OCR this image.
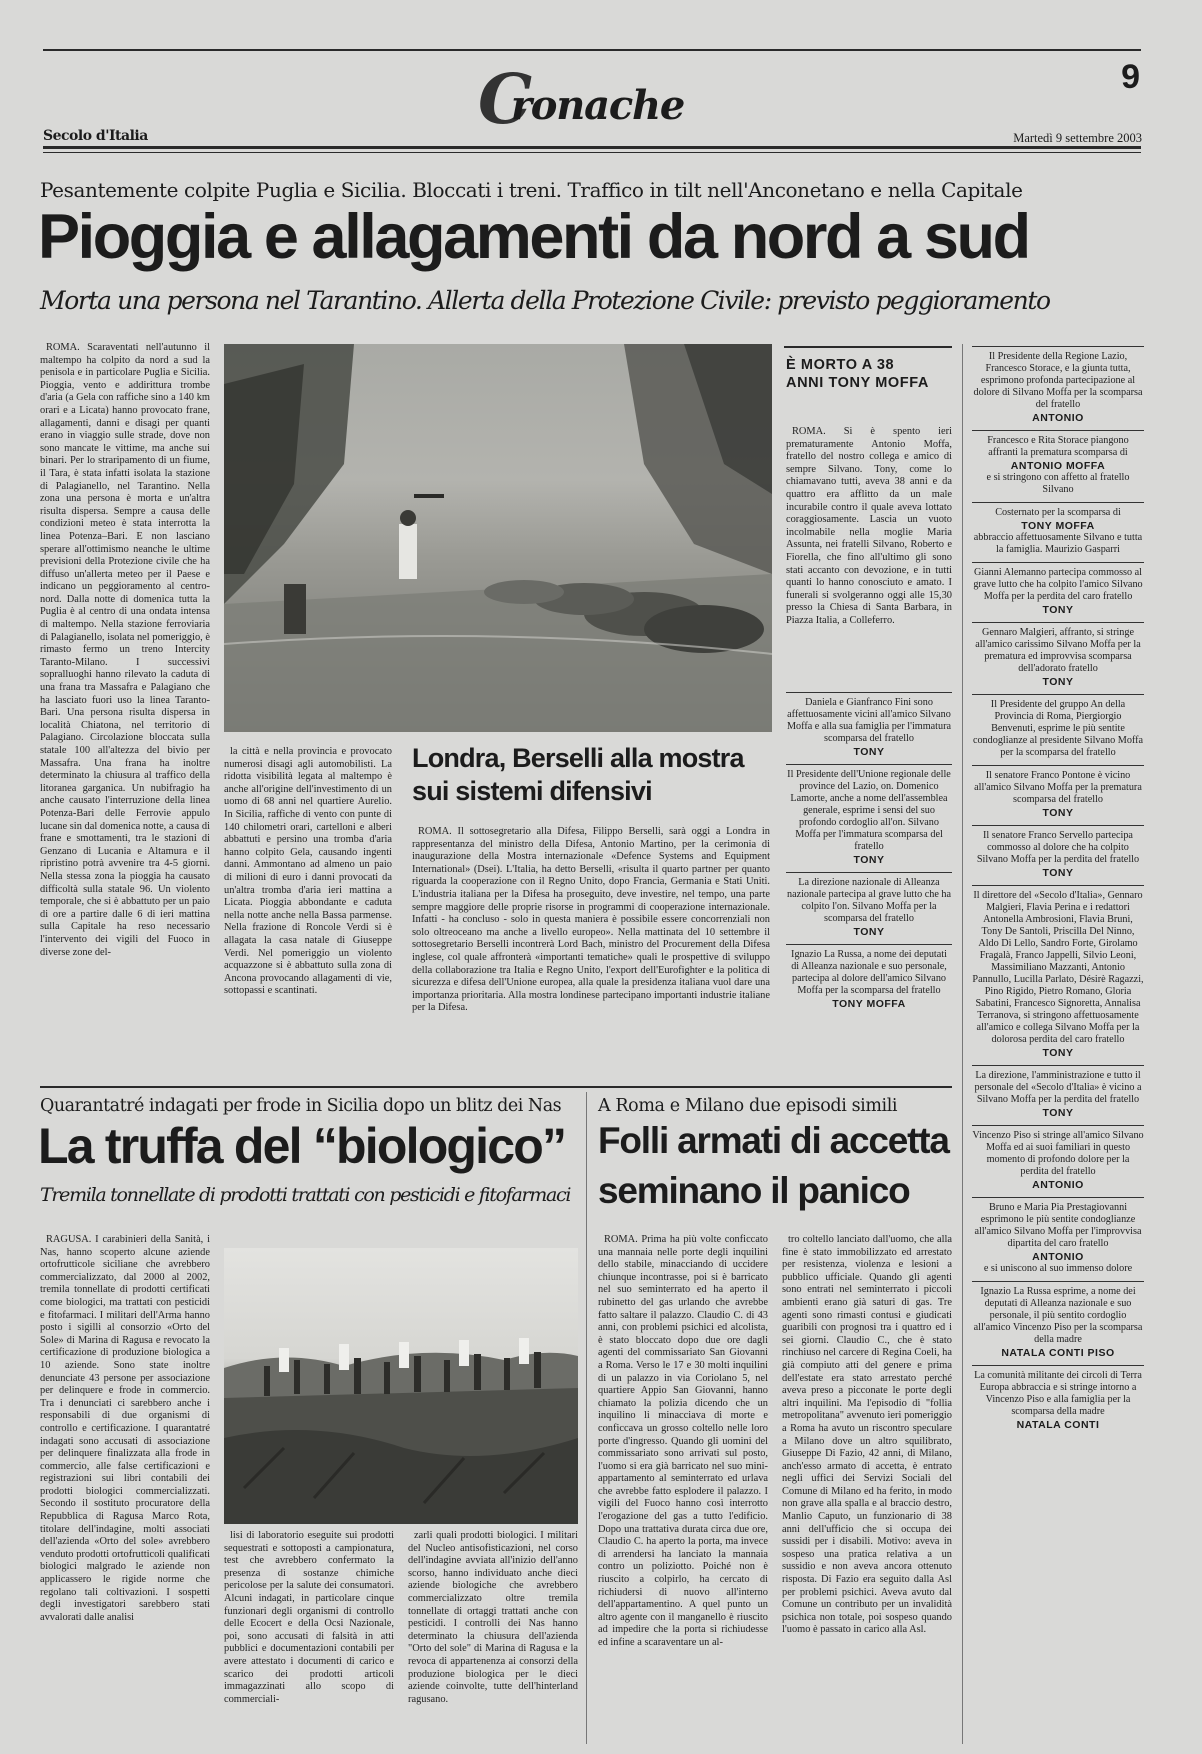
C
ronache
9
Secolo d'Italia	Martedì 9 settembre 2003
Pesantemente colpite Puglia e Sicilia. Bloccati i treni. Traffico in tilt nell'Anconetano e nella Capitale
Pioggia e allagamenti da nord a sud
Morta una persona nel Tarantino. Allerta della Protezione Civile: previsto peggioramento

ROMA. Scaraventati nell'autunno il maltempo ha colpito da nord a sud la penisola e in particolare Puglia e Sicilia. Pioggia, vento e addirittura trombe d'aria (a Gela con raffiche sino a 140 km orari e a Licata) hanno provocato frane, allagamenti, danni e disagi per quanti erano in viaggio sulle strade, dove non sono mancate le vittime, ma anche sui binari. Per lo straripamento di un fiume, il Tara, è stata infatti isolata la stazione di Palagianello, nel Tarantino. Nella zona una persona è morta e un'altra risulta dispersa. Sempre a causa delle condizioni meteo è stata interrotta la linea Potenza–Bari. E non lasciano sperare all'ottimismo neanche le ultime previsioni della Protezione civile che ha diffuso un'allerta meteo per il Paese e indicano un peggioramento al centro-nord. Dalla notte di domenica tutta la Puglia è al centro di una ondata intensa di maltempo. Nella stazione ferroviaria di Palagianello, isolata nel pomeriggio, è rimasto fermo un treno Intercity Taranto-Milano. I successivi sopralluoghi hanno rilevato la caduta di una frana tra Massafra e Palagiano che ha lasciato fuori uso la linea Taranto-Bari. Una persona risulta dispersa in località Chiatona, nel territorio di Palagiano. Circolazione bloccata sulla statale 100 all'altezza del bivio per Massafra. Una frana ha inoltre determinato la chiusura al traffico della litoranea garganica. Un nubifragio ha anche causato l'interruzione della linea Potenza-Bari delle Ferrovie appulo lucane sin dal domenica notte, a causa di frane e smottamenti, tra le stazioni di Genzano di Lucania e Altamura e il ripristino potrà avvenire tra 4-5 giorni. Nella stessa zona la pioggia ha causato difficoltà sulla statale 96. Un violento temporale, che si è abbattuto per un paio di ore a partire dalle 6 di ieri mattina sulla Capitale ha reso necessario l'intervento dei vigili del Fuoco in diverse zone del-

la città e nella provincia e provocato numerosi disagi agli automobilisti. La ridotta visibilità legata al maltempo è anche all'origine dell'investimento di un uomo di 68 anni nel quartiere Aurelio. In Sicilia, raffiche di vento con punte di 140 chilometri orari, cartelloni e alberi abbattuti e persino una tromba d'aria hanno colpito Gela, causando ingenti danni. Ammontano ad almeno un paio di milioni di euro i danni provocati da un'altra tromba d'aria ieri mattina a Licata. Pioggia abbondante e caduta nella notte anche nella Bassa parmense. Nella frazione di Roncole Verdi si è allagata la casa natale di Giuseppe Verdi. Nel pomeriggio un violento acquazzone si è abbattuto sulla zona di Ancona provocando allagamenti di vie, sottopassi e scantinati.

Londra, Berselli alla mostra sui sistemi difensivi

ROMA. Il sottosegretario alla Difesa, Filippo Berselli, sarà oggi a Londra in rappresentanza del ministro della Difesa, Antonio Martino, per la cerimonia di inaugurazione della Mostra internazionale «Defence Systems and Equipment International» (Dsei). L'Italia, ha detto Berselli, «risulta il quarto partner per quanto riguarda la cooperazione con il Regno Unito, dopo Francia, Germania e Stati Uniti. L'industria italiana per la Difesa ha proseguito, deve investire, nel tempo, una parte sempre maggiore delle proprie risorse in programmi di cooperazione internazionale. Infatti - ha concluso - solo in questa maniera è possibile essere concorrenziali non solo oltreoceano ma anche a livello europeo». Nella mattinata del 10 settembre il sottosegretario Berselli incontrerà Lord Bach, ministro del Procurement della Difesa inglese, col quale affronterà «importanti tematiche» quali le prospettive di sviluppo della collaborazione tra Italia e Regno Unito, l'export dell'Eurofighter e la politica di sicurezza e difesa dell'Unione europea, alla quale la presidenza italiana vuol dare una importanza prioritaria. Alla mostra londinese partecipano importanti industrie italiane per la Difesa.

È MORTO A 38 ANNI TONY MOFFA

ROMA. Si è spento ieri prematuramente Antonio Moffa, fratello del nostro collega e amico di sempre Silvano. Tony, come lo chiamavano tutti, aveva 38 anni e da quattro era afflitto da un male incurabile contro il quale aveva lottato coraggiosamente. Lascia un vuoto incolmabile nella moglie Maria Assunta, nei fratelli Silvano, Roberto e Fiorella, che fino all'ultimo gli sono stati accanto con devozione, e in tutti quanti lo hanno conosciuto e amato. I funerali si svolgeranno oggi alle 15,30 presso la Chiesa di Santa Barbara, in Piazza Italia, a Colleferro.

Daniela e Gianfranco Fini sono affettuosamente vicini all'amico Silvano Moffa e alla sua famiglia per l'immatura scomparsa del fratello
TONY
Il Presidente dell'Unione regionale delle province del Lazio, on. Domenico Lamorte, anche a nome dell'assemblea generale, esprime i sensi del suo profondo cordoglio all'on. Silvano Moffa per l'immatura scomparsa del fratello
TONY
La direzione nazionale di Alleanza nazionale partecipa al grave lutto che ha colpito l'on. Silvano Moffa per la scomparsa del fratello
TONY
Ignazio La Russa, a nome dei deputati di Alleanza nazionale e suo personale, partecipa al dolore dell'amico Silvano Moffa per la scomparsa del fratello
TONY MOFFA
Il Presidente della Regione Lazio, Francesco Storace, e la giunta tutta, esprimono profonda partecipazione al dolore di Silvano Moffa per la scomparsa del fratello
ANTONIO
Francesco e Rita Storace piangono affranti la prematura scomparsa di
ANTONIO MOFFA
e si stringono con affetto al fratello Silvano
Costernato per la scomparsa di
TONY MOFFA
abbraccio affettuosamente Silvano e tutta la famiglia. Maurizio Gasparri
Gianni Alemanno partecipa commosso al grave lutto che ha colpito l'amico Silvano Moffa per la perdita del caro fratello
TONY
Gennaro Malgieri, affranto, si stringe all'amico carissimo Silvano Moffa per la prematura ed improvvisa scomparsa dell'adorato fratello
TONY
Il Presidente del gruppo An della Provincia di Roma, Piergiorgio Benvenuti, esprime le più sentite condoglianze al presidente Silvano Moffa per la scomparsa del fratello
Il senatore Franco Pontone è vicino all'amico Silvano Moffa per la prematura scomparsa del fratello
TONY
Il senatore Franco Servello partecipa commosso al dolore che ha colpito Silvano Moffa per la perdita del fratello
TONY
Il direttore del «Secolo d'Italia», Gennaro Malgieri, Flavia Perina e i redattori Antonella Ambrosioni, Flavia Bruni, Tony De Santoli, Priscilla Del Ninno, Aldo Di Lello, Sandro Forte, Girolamo Fragalà, Franco Jappelli, Silvio Leoni, Massimiliano Mazzanti, Antonio Pannullo, Lucilla Parlato, Désirè Ragazzi, Pino Rigido, Pietro Romano, Gloria Sabatini, Francesco Signoretta, Annalisa Terranova, si stringono affettuosamente all'amico e collega Silvano Moffa per la dolorosa perdita del caro fratello
TONY
La direzione, l'amministrazione e tutto il personale del «Secolo d'Italia» è vicino a Silvano Moffa per la perdita del fratello
TONY
Vincenzo Piso si stringe all'amico Silvano Moffa ed ai suoi familiari in questo momento di profondo dolore per la perdita del fratello
ANTONIO
Bruno e Maria Pia Prestagiovanni esprimono le più sentite condoglianze all'amico Silvano Moffa per l'improvvisa dipartita del caro fratello
ANTONIO
e si uniscono al suo immenso dolore
Ignazio La Russa esprime, a nome dei deputati di Alleanza nazionale e suo personale, il più sentito cordoglio all'amico Vincenzo Piso per la scomparsa della madre
NATALA CONTI PISO
La comunità militante dei circoli di Terra Europa abbraccia e si stringe intorno a Vincenzo Piso e alla famiglia per la scomparsa della madre
NATALA CONTI
Quarantatré indagati per frode in Sicilia dopo un blitz dei Nas
La truffa del “biologico”
Tremila tonnellate di prodotti trattati con pesticidi e fitofarmaci

RAGUSA. I carabinieri della Sanità, i Nas, hanno scoperto alcune aziende ortofrutticole siciliane che avrebbero commercializzato, dal 2000 al 2002, tremila tonnellate di prodotti certificati come biologici, ma trattati con pesticidi e fitofarmaci. I militari dell'Arma hanno posto i sigilli al consorzio «Orto del Sole» di Marina di Ragusa e revocato la certificazione di produzione biologica a 10 aziende. Sono state inoltre denunciate 43 persone per associazione per delinquere e frode in commercio. Tra i denunciati ci sarebbero anche i responsabili di due organismi di controllo e certificazione. I quarantatré indagati sono accusati di associazione per delinquere finalizzata alla frode in commercio, alle false certificazioni e registrazioni sui libri contabili dei prodotti biologici commercializzati. Secondo il sostituto procuratore della Repubblica di Ragusa Marco Rota, titolare dell'indagine, molti associati dell'azienda «Orto del sole» avrebbero venduto prodotti ortofrutticoli qualificati biologici malgrado le aziende non applicassero le rigide norme che regolano tali coltivazioni. I sospetti degli investigatori sarebbero stati avvalorati dalle analisi

lisi di laboratorio eseguite sui prodotti sequestrati e sottoposti a campionatura, test che avrebbero confermato la presenza di sostanze chimiche pericolose per la salute dei consumatori. Alcuni indagati, in particolare cinque funzionari degli organismi di controllo delle Ecocert e della Ocsi Nazionale, poi, sono accusati di falsità in atti pubblici e documentazioni contabili per avere attestato i documenti di carico e scarico dei prodotti articoli immagazzinati allo scopo di commerciali-

zarli quali prodotti biologici. I militari del Nucleo antisofisticazioni, nel corso dell'indagine avviata all'inizio dell'anno scorso, hanno individuato anche dieci aziende biologiche che avrebbero commercializzato oltre tremila tonnellate di ortaggi trattati anche con pesticidi. I controlli dei Nas hanno determinato la chiusura dell'azienda "Orto del sole" di Marina di Ragusa e la revoca di appartenenza ai consorzi della produzione biologica per le dieci aziende coinvolte, tutte dell'hinterland ragusano.

A Roma e Milano due episodi simili
Folli armati di accetta seminano il panico

ROMA. Prima ha più volte conficcato una mannaia nelle porte degli inquilini dello stabile, minacciando di uccidere chiunque incontrasse, poi si è barricato nel suo seminterrato ed ha aperto il rubinetto del gas urlando che avrebbe fatto saltare il palazzo. Claudio C. di 43 anni, con problemi psichici ed alcolista, è stato bloccato dopo due ore dagli agenti del commissariato San Giovanni a Roma. Verso le 17 e 30 molti inquilini di un palazzo in via Coriolano 5, nel quartiere Appio San Giovanni, hanno chiamato la polizia dicendo che un inquilino li minacciava di morte e conficcava un grosso coltello nelle loro porte d'ingresso. Quando gli uomini del commissariato sono arrivati sul posto, l'uomo si era già barricato nel suo mini-appartamento al seminterrato ed urlava che avrebbe fatto esplodere il palazzo. I vigili del Fuoco hanno così interrotto l'erogazione del gas a tutto l'edificio. Dopo una trattativa durata circa due ore, Claudio C. ha aperto la porta, ma invece di arrendersi ha lanciato la mannaia contro un poliziotto. Poiché non è riuscito a colpirlo, ha cercato di richiudersi di nuovo all'interno dell'appartamentino. A quel punto un altro agente con il manganello è riuscito ad impedire che la porta si richiudesse ed infine a scaraventare un al-

tro coltello lanciato dall'uomo, che alla fine è stato immobilizzato ed arrestato per resistenza, violenza e lesioni a pubblico ufficiale. Quando gli agenti sono entrati nel seminterrato i piccoli ambienti erano già saturi di gas. Tre agenti sono rimasti contusi e giudicati guaribili con prognosi tra i quattro ed i sei giorni. Claudio C., che è stato rinchiuso nel carcere di Regina Coeli, ha già compiuto atti del genere e prima dell'estate era stato arrestato perché aveva preso a picconate le porte degli altri inquilini. Ma l'episodio di "follia metropolitana" avvenuto ieri pomeriggio a Roma ha avuto un riscontro speculare a Milano dove un altro squilibrato, Giuseppe Di Fazio, 42 anni, di Milano, anch'esso armato di accetta, è entrato negli uffici dei Servizi Sociali del Comune di Milano ed ha ferito, in modo non grave alla spalla e al braccio destro, Manlio Caputo, un funzionario di 38 anni dell'ufficio che si occupa dei sussidi per i disabili. Motivo: aveva in sospeso una pratica relativa a un sussidio e non aveva ancora ottenuto risposta. Di Fazio era seguito dalla Asl per problemi psichici. Aveva avuto dal Comune un contributo per un invalidità psichica non totale, poi sospeso quando l'uomo è passato in carico alla Asl.
